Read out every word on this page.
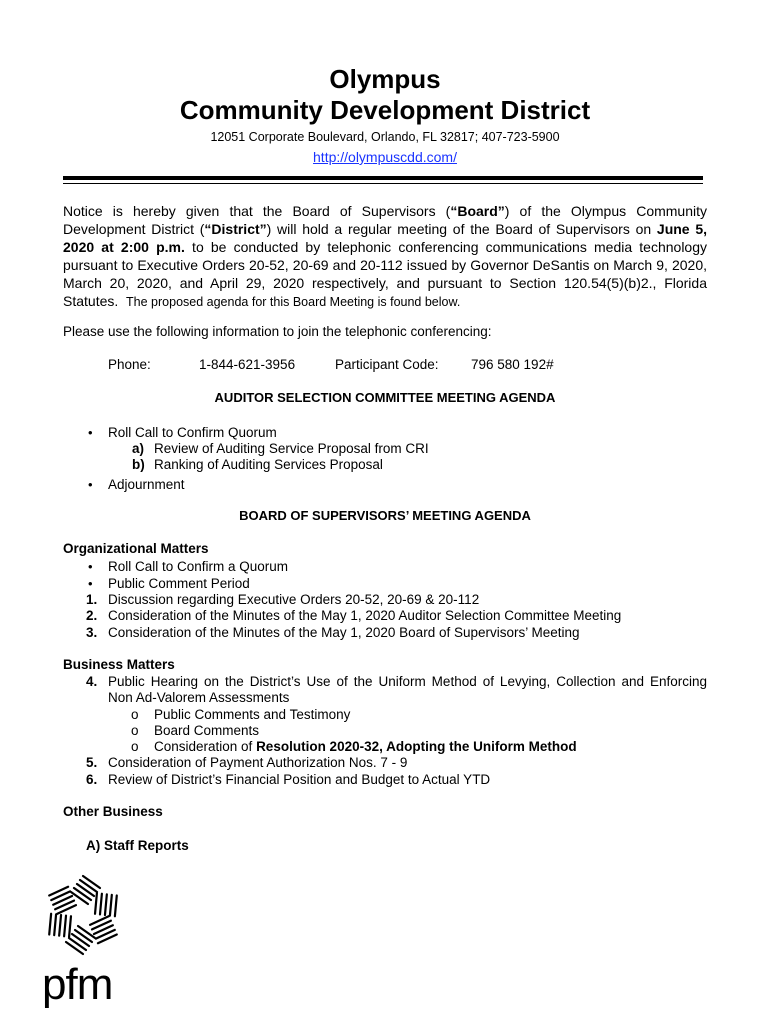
Olympus
Community Development District
12051 Corporate Boulevard, Orlando, FL 32817; 407-723-5900
http://olympuscdd.com/
Notice is hereby given that the Board of Supervisors (“Board”) of the Olympus Community Development District (“District”) will hold a regular meeting of the Board of Supervisors on June 5, 2020 at 2:00 p.m. to be conducted by telephonic conferencing communications media technology pursuant to Executive Orders 20-52, 20-69 and 20-112 issued by Governor DeSantis on March 9, 2020, March 20, 2020, and April 29, 2020 respectively, and pursuant to Section 120.54(5)(b)2., Florida Statutes. The proposed agenda for this Board Meeting is found below.
Please use the following information to join the telephonic conferencing:
Phone:	1-844-621-3956	Participant Code: 796 580 192#
AUDITOR SELECTION COMMITTEE MEETING AGENDA
• Roll Call to Confirm Quorum
a) Review of Auditing Service Proposal from CRI
b) Ranking of Auditing Services Proposal
• Adjournment
BOARD OF SUPERVISORS’ MEETING AGENDA
Organizational Matters
• Roll Call to Confirm a Quorum
• Public Comment Period
1. Discussion regarding Executive Orders 20-52, 20-69 & 20-112
2. Consideration of the Minutes of the May 1, 2020 Auditor Selection Committee Meeting
3. Consideration of the Minutes of the May 1, 2020 Board of Supervisors’ Meeting
Business Matters
4. Public Hearing on the District’s Use of the Uniform Method of Levying, Collection and Enforcing
Non Ad-Valorem Assessments
o Public Comments and Testimony
o Board Comments
o Consideration of Resolution 2020-32, Adopting the Uniform Method
5. Consideration of Payment Authorization Nos. 7 - 9
6. Review of District’s Financial Position and Budget to Actual YTD
Other Business
A) Staff Reports
pfm
